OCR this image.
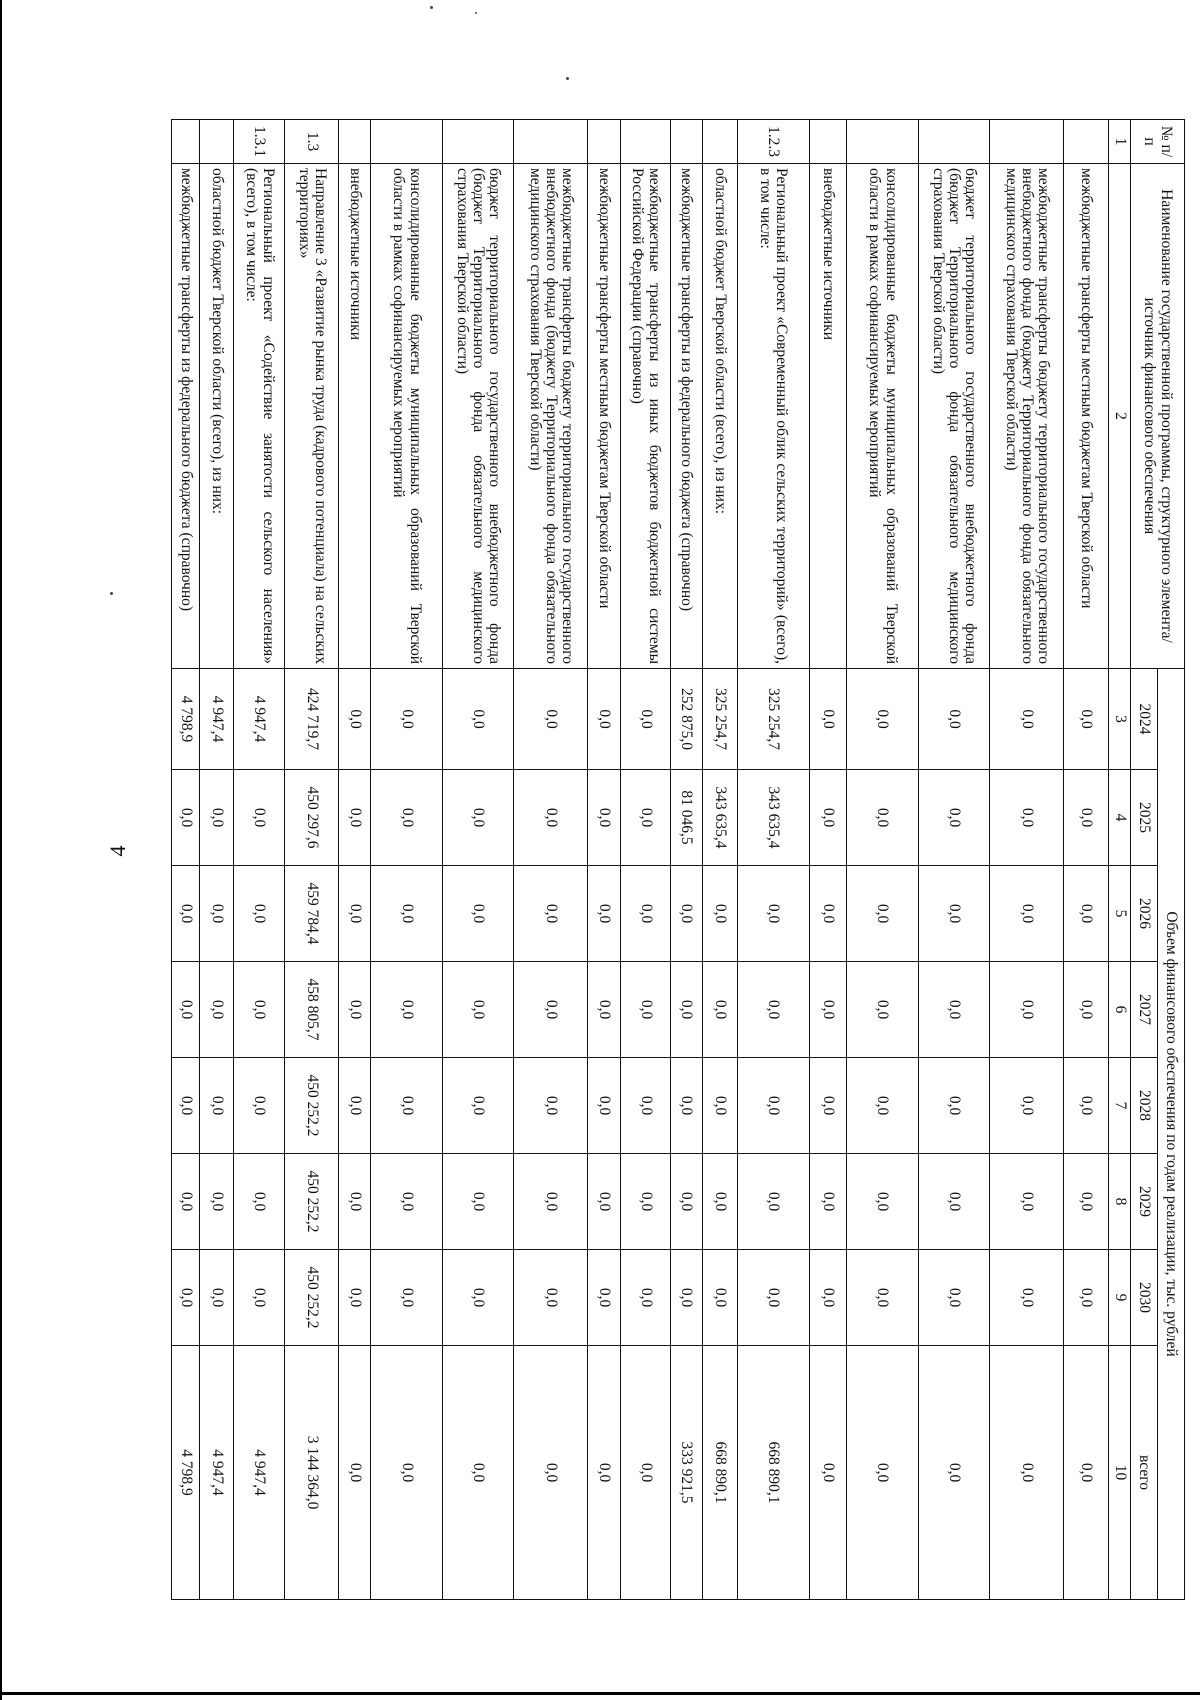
4
№ п/п	Наименование государственной программы, структурного элемента/источник финансового обеспечения	Объем финансового обеспечения по годам реализации, тыс. рублей							
		2024	2025	2026	2027	2028	2029	2030	всего
1	2	3	4	5	6	7	8	9	10
	межбюджетные трансферты местным бюджетам Тверской области	0,0	0,0	0,0	0,0	0,0	0,0	0,0	0,0
	межбюджетные трансферты бюджету территориального государственного внебюджетного фонда (бюджету Территориального фонда обязательного медицинского страхования Тверской области)	0,0	0,0	0,0	0,0	0,0	0,0	0,0	0,0
	бюджет территориального государственного внебюджетного фонда (бюджет Территориального фонда обязательного медицинского страхования Тверской области)	0,0	0,0	0,0	0,0	0,0	0,0	0,0	0,0
	консолидированные бюджеты муниципальных образований Тверской области в рамках софинансируемых мероприятий	0,0	0,0	0,0	0,0	0,0	0,0	0,0	0,0
	внебюджетные источники	0,0	0,0	0,0	0,0	0,0	0,0	0,0	0,0
1.2.3	Региональный проект «Современный облик сельских территорий» (всего), в том числе:	325 254,7	343 635,4	0,0	0,0	0,0	0,0	0,0	668 890,1
	областной бюджет Тверской области (всего), из них:	325 254,7	343 635,4	0,0	0,0	0,0	0,0	0,0	668 890,1
	межбюджетные трансферты из федерального бюджета (справочно)	252 875,0	81 046,5	0,0	0,0	0,0	0,0	0,0	333 921,5
	межбюджетные трансферты из иных бюджетов бюджетной системы Российской Федерации (справочно)	0,0	0,0	0,0	0,0	0,0	0,0	0,0	0,0
	межбюджетные трансферты местным бюджетам Тверской области	0,0	0,0	0,0	0,0	0,0	0,0	0,0	0,0
	межбюджетные трансферты бюджету территориального государственного внебюджетного фонда (бюджету Территориального фонда обязательного медицинского страхования Тверской области)	0,0	0,0	0,0	0,0	0,0	0,0	0,0	0,0
	бюджет территориального государственного внебюджетного фонда (бюджет Территориального фонда обязательного медицинского страхования Тверской области)	0,0	0,0	0,0	0,0	0,0	0,0	0,0	0,0
	консолидированные бюджеты муниципальных образований Тверской области в рамках софинансируемых мероприятий	0,0	0,0	0,0	0,0	0,0	0,0	0,0	0,0
	внебюджетные источники	0,0	0,0	0,0	0,0	0,0	0,0	0,0	0,0
1.3	Направление 3 «Развитие рынка труда (кадрового потенциала) на сельских территориях»	424 719,7	450 297,6	459 784,4	458 805,7	450 252,2	450 252,2	450 252,2	3 144 364,0
1.3.1	Региональный проект «Содействие занятости сельского населения» (всего), в том числе:	4 947,4	0,0	0,0	0,0	0,0	0,0	0,0	4 947,4
	областной бюджет Тверской области (всего), из них:	4 947,4	0,0	0,0	0,0	0,0	0,0	0,0	4 947,4
	межбюджетные трансферты из федерального бюджета (справочно)	4 798,9	0,0	0,0	0,0	0,0	0,0	0,0	4 798,9
